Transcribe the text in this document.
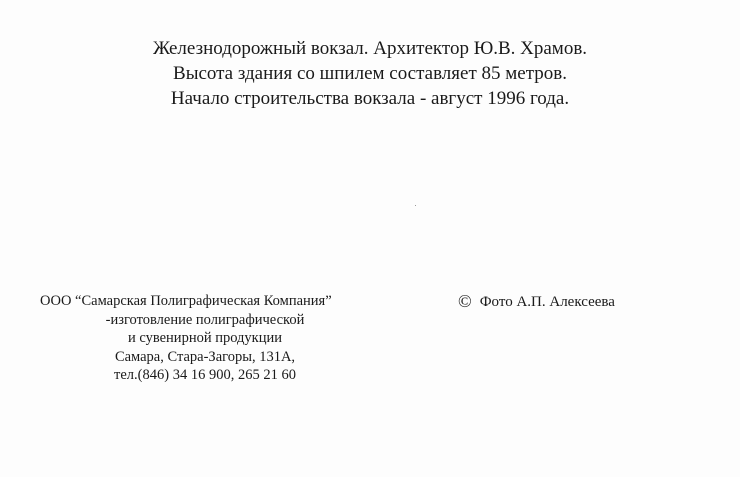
Железнодорожный вокзал. Архитектор Ю.В. Храмов.
Высота здания со шпилем составляет 85 метров.
Начало строительства вокзала - август 1996 года.
ООО “Самарская Полиграфическая Компания”
-изготовление полиграфической
и сувенирной продукции
Самара, Стара-Загоры, 131А,
тел.(846) 34 16 900, 265 21 60
© Фото А.П. Алексеева
